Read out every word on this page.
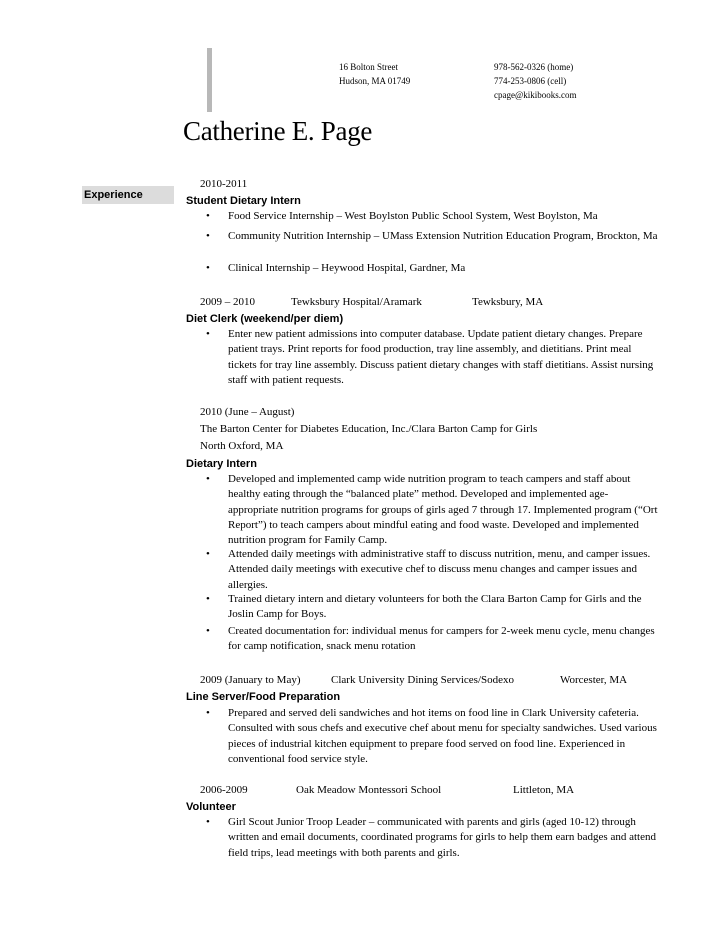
16 Bolton Street
Hudson, MA 01749
978-562-0326 (home)
774-253-0806 (cell)
cpage@kikibooks.com
Catherine E. Page
Experience
2010-2011
Student Dietary Intern
•	Food Service Internship – West Boylston Public School System, West Boylston, Ma
•	Community Nutrition Internship – UMass Extension Nutrition Education Program, Brockton, Ma
•	Clinical Internship – Heywood Hospital, Gardner, Ma
2009 – 2010	Tewksbury Hospital/Aramark	Tewksbury, MA
Diet Clerk (weekend/per diem)
•	Enter new patient admissions into computer database. Update patient dietary changes. Prepare patient trays. Print reports for food production, tray line assembly, and dietitians. Print meal tickets for tray line assembly. Discuss patient dietary changes with staff dietitians. Assist nursing staff with patient requests.
2010 (June – August)
The Barton Center for Diabetes Education, Inc./Clara Barton Camp for Girls
North Oxford, MA
Dietary Intern
•	Developed and implemented camp wide nutrition program to teach campers and staff about healthy eating through the “balanced plate” method. Developed and implemented age-appropriate nutrition programs for groups of girls aged 7 through 17. Implemented program (“Ort Report”) to teach campers about mindful eating and food waste. Developed and implemented nutrition program for Family Camp.
•	Attended daily meetings with administrative staff to discuss nutrition, menu, and camper issues. Attended daily meetings with executive chef to discuss menu changes and camper issues and allergies.
•	Trained dietary intern and dietary volunteers for both the Clara Barton Camp for Girls and the Joslin Camp for Boys.
•	Created documentation for: individual menus for campers for 2-week menu cycle, menu changes for camp notification, snack menu rotation
2009 (January to May)	Clark University Dining Services/Sodexo	Worcester, MA
Line Server/Food Preparation
•	Prepared and served deli sandwiches and hot items on food line in Clark University cafeteria. Consulted with sous chefs and executive chef about menu for specialty sandwiches. Used various pieces of industrial kitchen equipment to prepare food served on food line. Experienced in conventional food service style.
2006-2009	Oak Meadow Montessori School	Littleton, MA
Volunteer
•	Girl Scout Junior Troop Leader – communicated with parents and girls (aged 10-12) through written and email documents, coordinated programs for girls to help them earn badges and attend field trips, lead meetings with both parents and girls.
